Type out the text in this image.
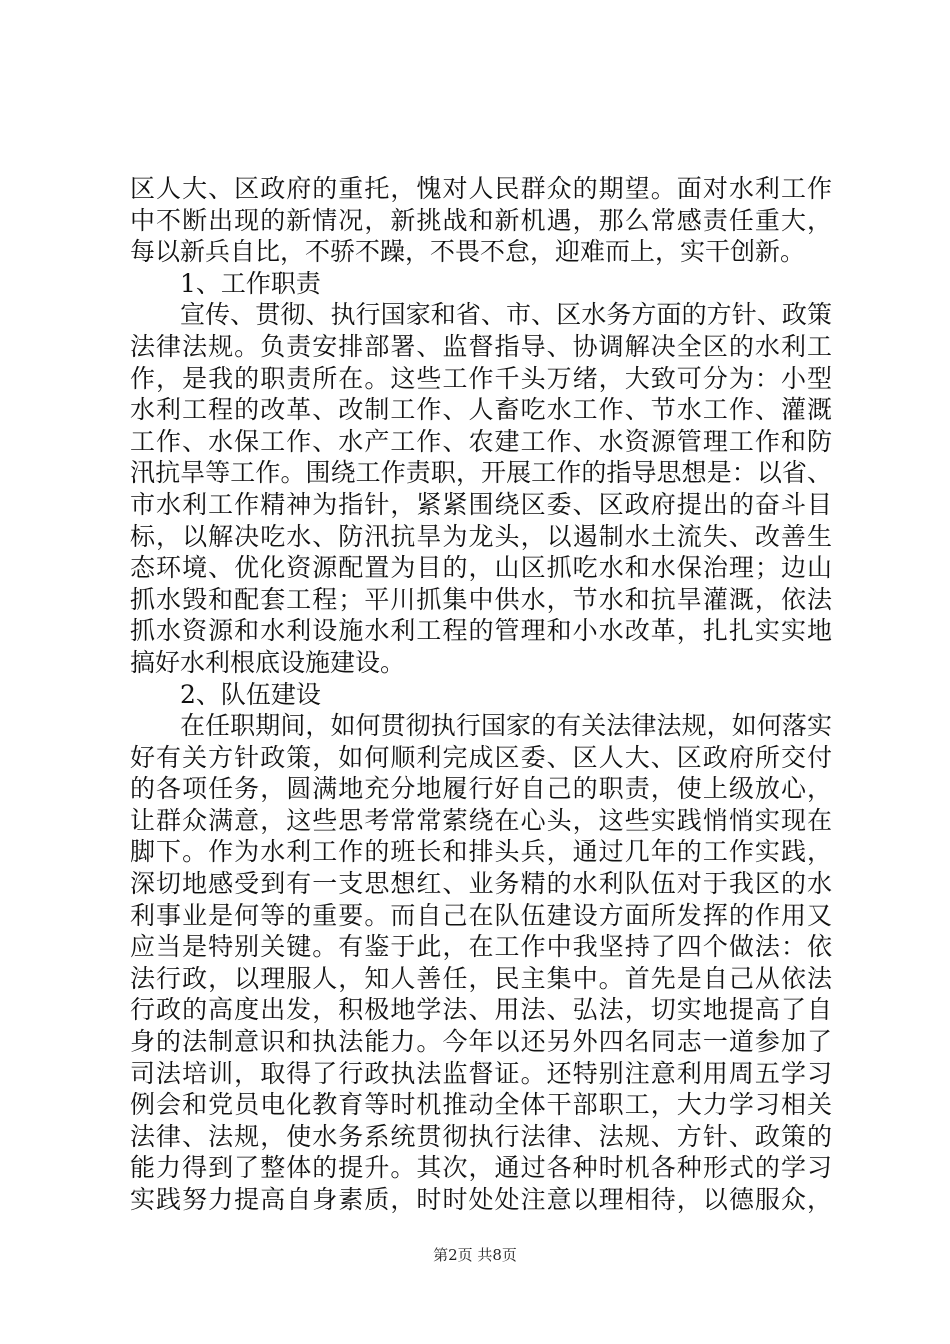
区人大、区政府的重托，愧对人民群众的期望。面对水利工作
中不断出现的新情况，新挑战和新机遇，那么常感责任重大，
每以新兵自比，不骄不躁，不畏不怠，迎难而上，实干创新。
1、工作职责
宣传、贯彻、执行国家和省、市、区水务方面的方针、政策
法律法规。负责安排部署、监督指导、协调解决全区的水利工
作，是我的职责所在。这些工作千头万绪，大致可分为：小型
水利工程的改革、改制工作、人畜吃水工作、节水工作、灌溉
工作、水保工作、水产工作、农建工作、水资源管理工作和防
汛抗旱等工作。围绕工作责职，开展工作的指导思想是：以省、
市水利工作精神为指针，紧紧围绕区委、区政府提出的奋斗目
标，以解决吃水、防汛抗旱为龙头，以遏制水土流失、改善生
态环境、优化资源配置为目的，山区抓吃水和水保治理；边山
抓水毁和配套工程；平川抓集中供水，节水和抗旱灌溉，依法
抓水资源和水利设施水利工程的管理和小水改革，扎扎实实地
搞好水利根底设施建设。
2、队伍建设
在任职期间，如何贯彻执行国家的有关法律法规，如何落实
好有关方针政策，如何顺利完成区委、区人大、区政府所交付
的各项任务，圆满地充分地履行好自己的职责，使上级放心，
让群众满意，这些思考常常萦绕在心头，这些实践悄悄实现在
脚下。作为水利工作的班长和排头兵，通过几年的工作实践，
深切地感受到有一支思想红、业务精的水利队伍对于我区的水
利事业是何等的重要。而自己在队伍建设方面所发挥的作用又
应当是特别关键。有鉴于此，在工作中我坚持了四个做法：依
法行政，以理服人，知人善任，民主集中。首先是自己从依法
行政的高度出发，积极地学法、用法、弘法，切实地提高了自
身的法制意识和执法能力。今年以还另外四名同志一道参加了
司法培训，取得了行政执法监督证。还特别注意利用周五学习
例会和党员电化教育等时机推动全体干部职工，大力学习相关
法律、法规，使水务系统贯彻执行法律、法规、方针、政策的
能力得到了整体的提升。其次，通过各种时机各种形式的学习
实践努力提高自身素质，时时处处注意以理相待，以德服众，
第2页 共8页
